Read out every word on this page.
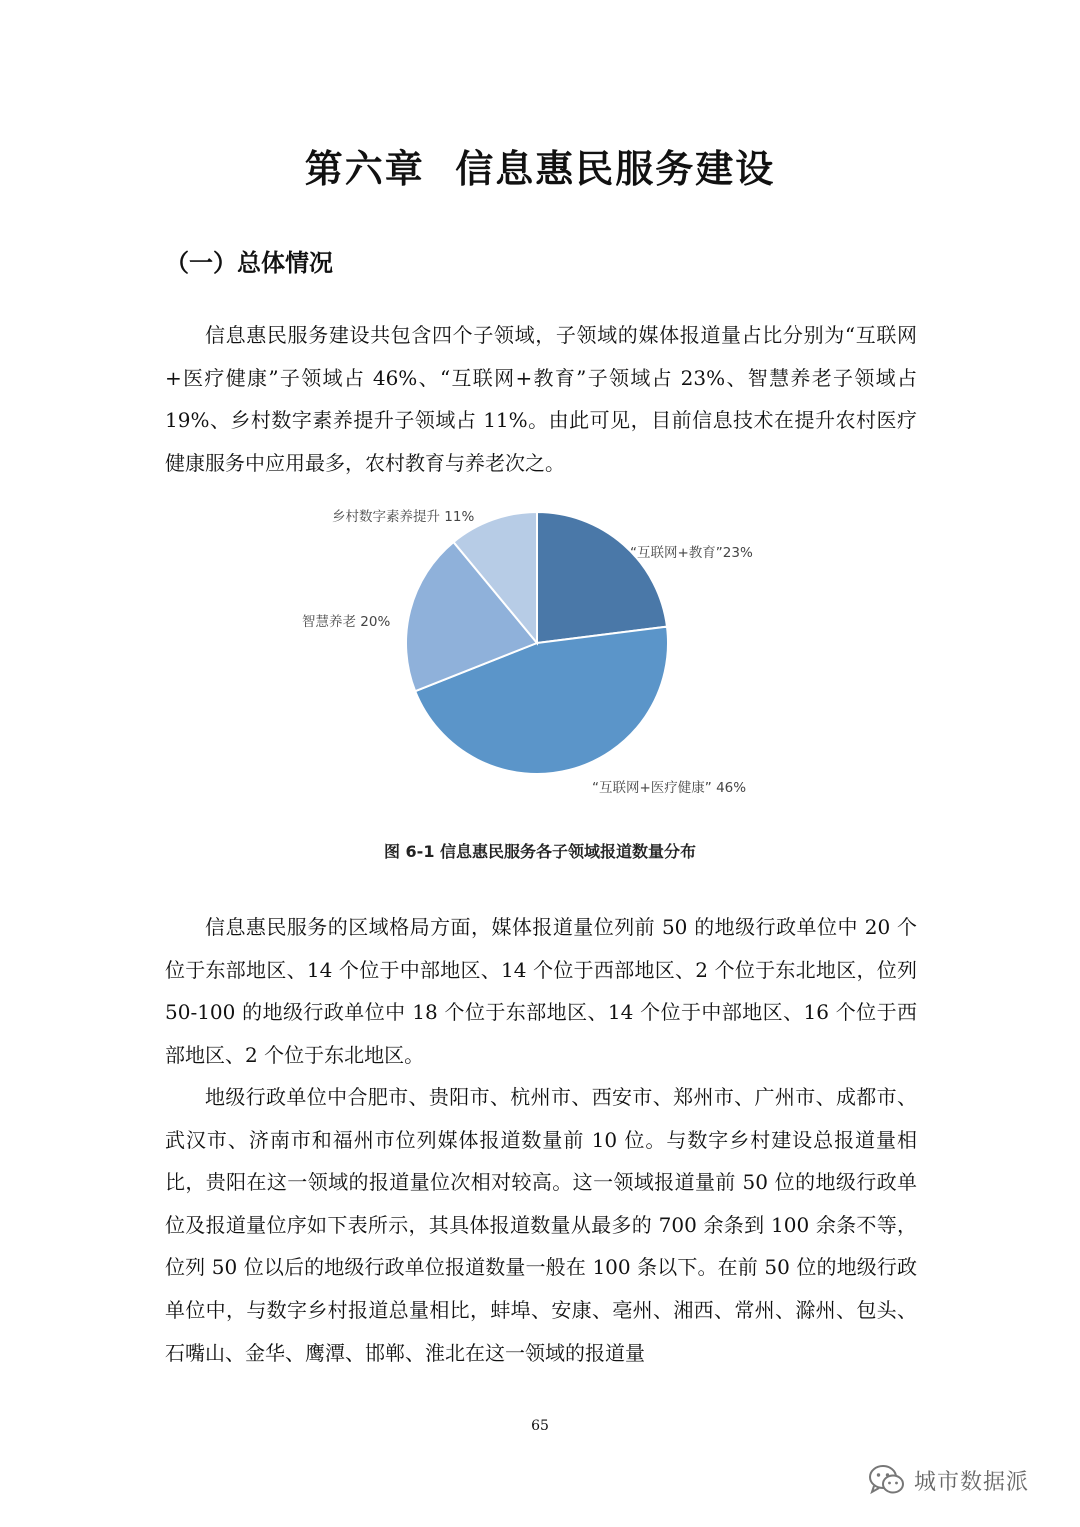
第六章  信息惠民服务建设
（一）总体情况

信息惠民服务建设共包含四个子领域，子领域的媒体报道量占比分别为“互联网+医疗健康”子领域占 46%、“互联网+教育”子领域占 23%、智慧养老子领域占 19%、乡村数字素养提升子领域占 11%。由此可见，目前信息技术在提升农村医疗健康服务中应用最多，农村教育与养老次之。

“互联网+教育”23%
“互联网+医疗健康” 46%
智慧养老 20%
乡村数字素养提升 11%
图 6-1 信息惠民服务各子领域报道数量分布

信息惠民服务的区域格局方面，媒体报道量位列前 50 的地级行政单位中 20 个位于东部地区、14 个位于中部地区、14 个位于西部地区、2 个位于东北地区，位列 50-100 的地级行政单位中 18 个位于东部地区、14 个位于中部地区、16 个位于西部地区、2 个位于东北地区。

地级行政单位中合肥市、贵阳市、杭州市、西安市、郑州市、广州市、成都市、武汉市、济南市和福州市位列媒体报道数量前 10 位。与数字乡村建设总报道量相比，贵阳在这一领域的报道量位次相对较高。这一领域报道量前 50 位的地级行政单位及报道量位序如下表所示，其具体报道数量从最多的 700 余条到 100 余条不等，位列 50 位以后的地级行政单位报道数量一般在 100 条以下。在前 50 位的地级行政单位中，与数字乡村报道总量相比，蚌埠、安康、亳州、湘西、常州、滁州、包头、石嘴山、金华、鹰潭、邯郸、淮北在这一领域的报道量

65
城市数据派
